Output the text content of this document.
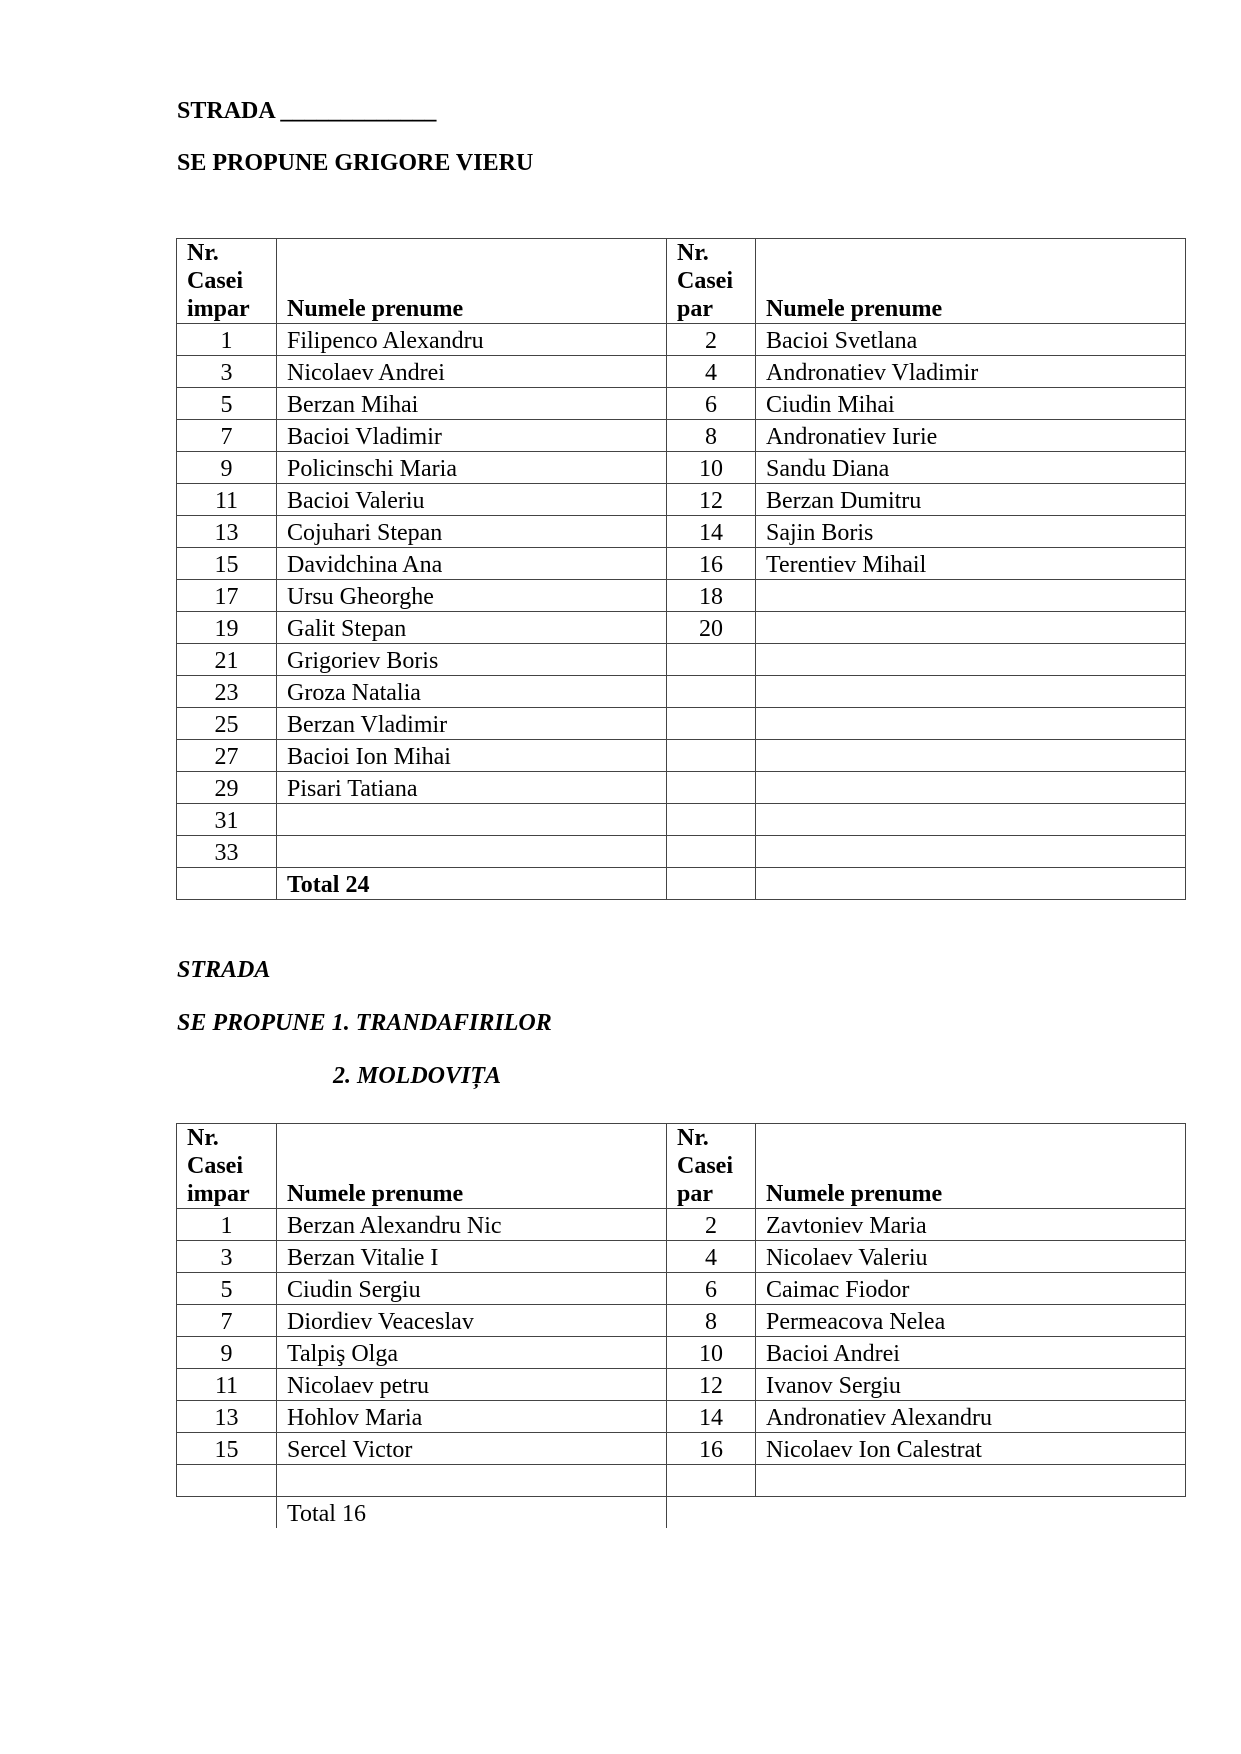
STRADA _____________

SE PROPUNE GRIGORE VIERU

Nr.
Casei
impar	Numele prenume	Nr.
Casei
par	Numele prenume
1	Filipenco Alexandru	2	Bacioi Svetlana
3	Nicolaev Andrei	4	Andronatiev Vladimir
5	Berzan Mihai	6	Ciudin Mihai
7	Bacioi Vladimir	8	Andronatiev Iurie
9	Policinschi Maria	10	Sandu Diana
11	Bacioi Valeriu	12	Berzan Dumitru
13	Cojuhari Stepan	14	Sajin Boris
15	Davidchina Ana	16	Terentiev Mihail
17	Ursu Gheorghe	18	
19	Galit Stepan	20	
21	Grigoriev Boris		
23	Groza Natalia		
25	Berzan Vladimir		
27	Bacioi Ion Mihai		
29	Pisari Tatiana		
31			
33			
	Total 24		

STRADA

SE PROPUNE 1. TRANDAFIRILOR

2. MOLDOVIȚA

Nr.
Casei
impar	Numele prenume	Nr.
Casei
par	Numele prenume
1	Berzan Alexandru Nic	2	Zavtoniev Maria
3	Berzan Vitalie I	4	Nicolaev Valeriu
5	Ciudin Sergiu	6	Caimac Fiodor
7	Diordiev Veaceslav	8	Permeacova Nelea
9	Talpiş Olga	10	Bacioi Andrei
11	Nicolaev petru	12	Ivanov Sergiu
13	Hohlov Maria	14	Andronatiev Alexandru
15	Sercel Victor	16	Nicolaev Ion Calestrat

	Total 16		
